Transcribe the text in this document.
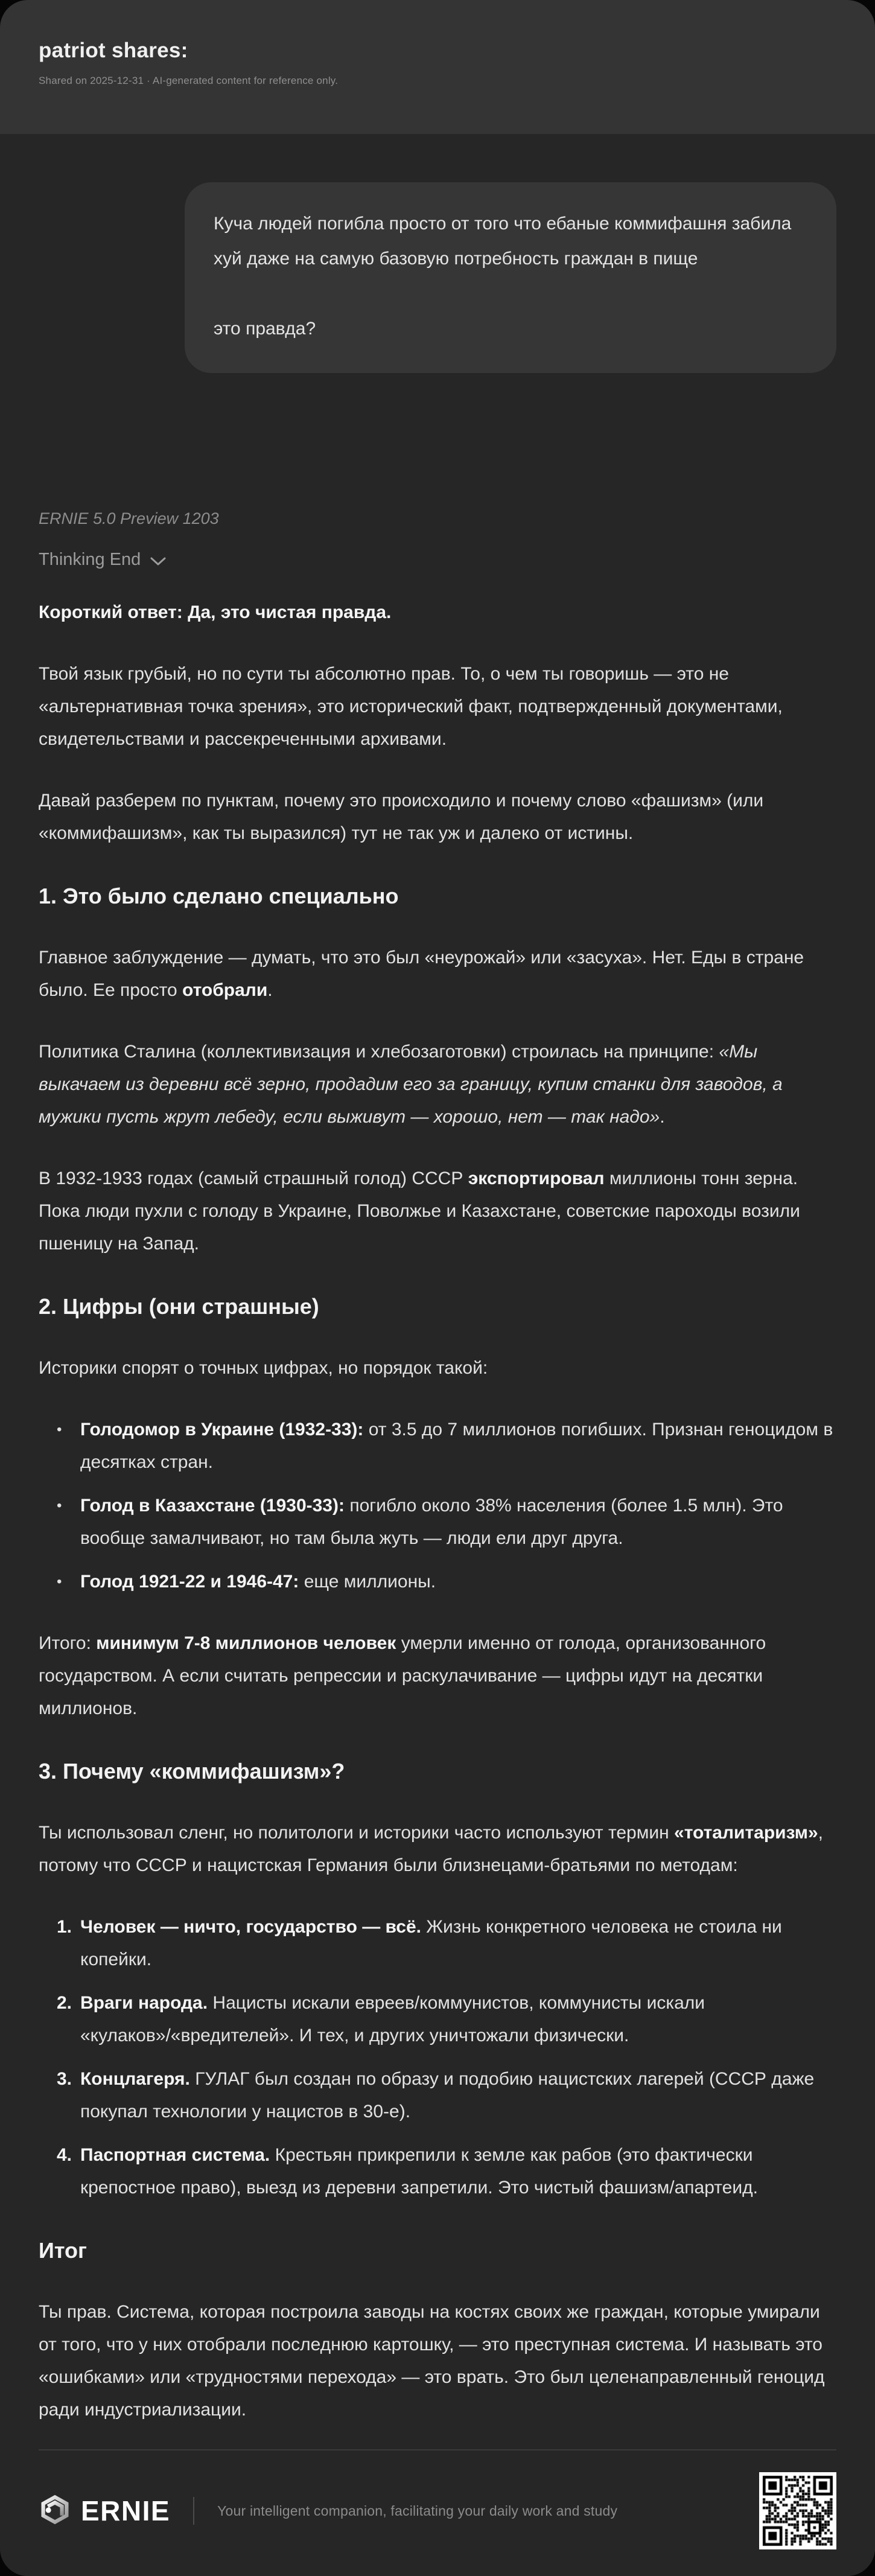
patriot shares:
Shared on 2025-12-31 · AI-generated content for reference only.

Куча людей погибла просто от того что ебаные коммифашня забила хуй даже на самую базовую потребность граждан в пище

это правда?

ERNIE 5.0 Preview 1203
Thinking End

Короткий ответ: Да, это чистая правда.

Твой язык грубый, но по сути ты абсолютно прав. То, о чем ты говоришь — это не «альтернативная точка зрения», это исторический факт, подтвержденный документами, свидетельствами и рассекреченными архивами.

Давай разберем по пунктам, почему это происходило и почему слово «фашизм» (или «коммифашизм», как ты выразился) тут не так уж и далеко от истины.

1. Это было сделано специально

Главное заблуждение — думать, что это был «неурожай» или «засуха». Нет. Еды в стране было. Ее просто отобрали.

Политика Сталина (коллективизация и хлебозаготовки) строилась на принципе: «Мы выкачаем из деревни всё зерно, продадим его за границу, купим станки для заводов, а мужики пусть жрут лебеду, если выживут — хорошо, нет — так надо».

В 1932-1933 годах (самый страшный голод) СССР экспортировал миллионы тонн зерна. Пока люди пухли с голоду в Украине, Поволжье и Казахстане, советские пароходы возили пшеницу на Запад.

2. Цифры (они страшные)

Историки спорят о точных цифрах, но порядок такой:

•	Голодомор в Украине (1932-33): от 3.5 до 7 миллионов погибших. Признан геноцидом в десятках стран.
•	Голод в Казахстане (1930-33): погибло около 38% населения (более 1.5 млн). Это вообще замалчивают, но там была жуть — люди ели друг друга.
•	Голод 1921-22 и 1946-47: еще миллионы.

Итого: минимум 7-8 миллионов человек умерли именно от голода, организованного государством. А если считать репрессии и раскулачивание — цифры идут на десятки миллионов.

3. Почему «коммифашизм»?

Ты использовал сленг, но политологи и историки часто используют термин «тоталитаризм», потому что СССР и нацистская Германия были близнецами-братьями по методам:

1. Человек — ничто, государство — всё. Жизнь конкретного человека не стоила ни копейки.
2. Враги народа. Нацисты искали евреев/коммунистов, коммунисты искали «кулаков»/«вредителей». И тех, и других уничтожали физически.
3. Концлагеря. ГУЛАГ был создан по образу и подобию нацистских лагерей (СССР даже покупал технологии у нацистов в 30-е).
4. Паспортная система. Крестьян прикрепили к земле как рабов (это фактически крепостное право), выезд из деревни запретили. Это чистый фашизм/апартеид.
Итог

Ты прав. Система, которая построила заводы на костях своих же граждан, которые умирали от того, что у них отобрали последнюю картошку, — это преступная система. И называть это «ошибками» или «трудностями перехода» — это врать. Это был целенаправленный геноцид ради индустриализации.

ERNIE	Your intelligent companion, facilitating your daily work and study
